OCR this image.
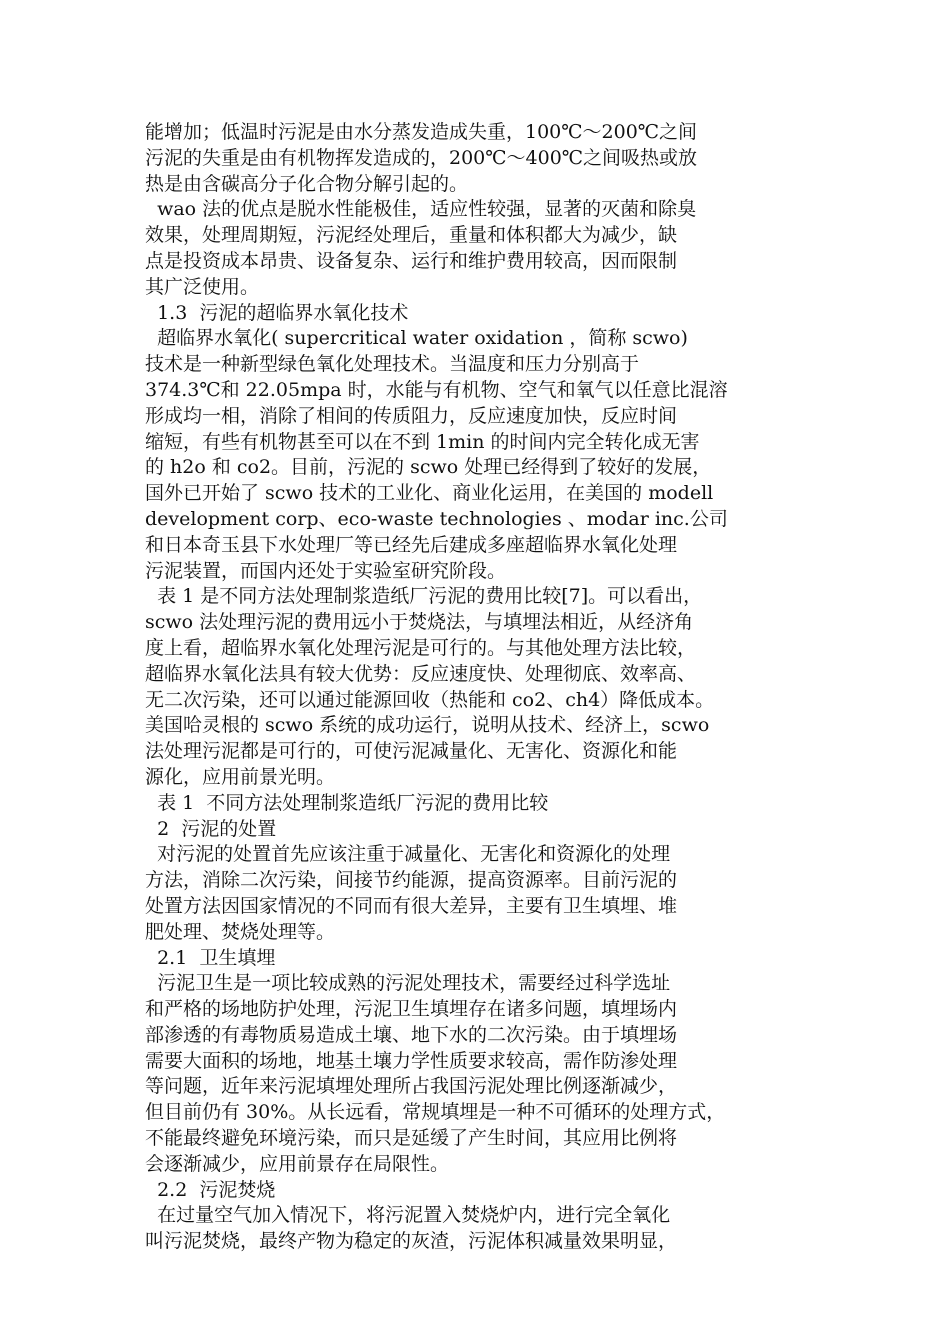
能增加；低温时污泥是由水分蒸发造成失重，100℃～200℃之间
污泥的失重是由有机物挥发造成的，200℃～400℃之间吸热或放
热是由含碳高分子化合物分解引起的。
wao 法的优点是脱水性能极佳，适应性较强，显著的灭菌和除臭
效果，处理周期短，污泥经处理后，重量和体积都大为减少，缺
点是投资成本昂贵、设备复杂、运行和维护费用较高，因而限制
其广泛使用。
1.3  污泥的超临界水氧化技术
超临界水氧化( supercritical water oxidation ，简称 scwo)
技术是一种新型绿色氧化处理技术。当温度和压力分别高于
374.3℃和 22.05mpa 时，水能与有机物、空气和氧气以任意比混溶
形成均一相，消除了相间的传质阻力，反应速度加快，反应时间
缩短，有些有机物甚至可以在不到 1min 的时间内完全转化成无害
的 h2o 和 co2。目前，污泥的 scwo 处理已经得到了较好的发展，
国外已开始了 scwo 技术的工业化、商业化运用，在美国的 modell
development corp、eco-waste technologies 、modar inc.公司
和日本奇玉县下水处理厂等已经先后建成多座超临界水氧化处理
污泥装置，而国内还处于实验室研究阶段。
表 1 是不同方法处理制浆造纸厂污泥的费用比较[7]。可以看出，
scwo 法处理污泥的费用远小于焚烧法，与填埋法相近，从经济角
度上看，超临界水氧化处理污泥是可行的。与其他处理方法比较，
超临界水氧化法具有较大优势：反应速度快、处理彻底、效率高、
无二次污染，还可以通过能源回收（热能和 co2、ch4）降低成本。
美国哈灵根的 scwo 系统的成功运行，说明从技术、经济上，scwo
法处理污泥都是可行的，可使污泥减量化、无害化、资源化和能
源化，应用前景光明。
表 1  不同方法处理制浆造纸厂污泥的费用比较
2  污泥的处置
对污泥的处置首先应该注重于减量化、无害化和资源化的处理
方法，消除二次污染，间接节约能源，提高资源率。目前污泥的
处置方法因国家情况的不同而有很大差异，主要有卫生填埋、堆
肥处理、焚烧处理等。
2.1  卫生填埋
污泥卫生是一项比较成熟的污泥处理技术，需要经过科学选址
和严格的场地防护处理，污泥卫生填埋存在诸多问题，填埋场内
部渗透的有毒物质易造成土壤、地下水的二次污染。由于填埋场
需要大面积的场地，地基土壤力学性质要求较高，需作防渗处理
等问题，近年来污泥填埋处理所占我国污泥处理比例逐渐减少，
但目前仍有 30%。从长远看，常规填埋是一种不可循环的处理方式，
不能最终避免环境污染，而只是延缓了产生时间，其应用比例将
会逐渐减少，应用前景存在局限性。
2.2  污泥焚烧
在过量空气加入情况下，将污泥置入焚烧炉内，进行完全氧化
叫污泥焚烧，最终产物为稳定的灰渣，污泥体积减量效果明显，
